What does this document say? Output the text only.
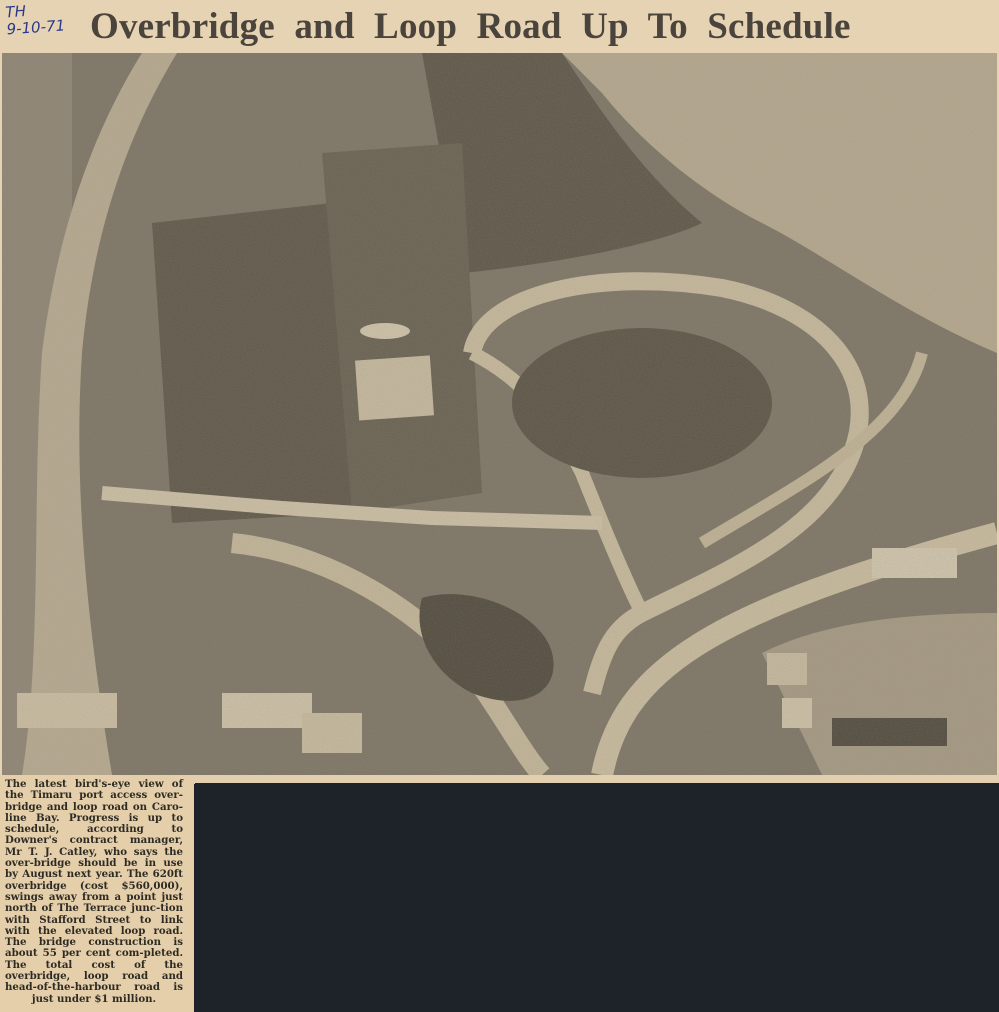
TH
9-10-71 Overbridge and Loop Road Up To Schedule
The latest bird's-eye view of the Timaru port access over-bridge and loop road on Caro-line Bay. Progress is up to schedule, according to Downer's contract manager, Mr T. J. Catley, who says the over-bridge should be in use by August next year. The 620ft overbridge (cost $560,000), swings away from a point just north of The Terrace junc-tion with Stafford Street to link with the elevated loop road. The bridge construction is about 55 per cent com-pleted. The total cost of the overbridge, loop road and head-of-the-harbour road is just under $1 million.
